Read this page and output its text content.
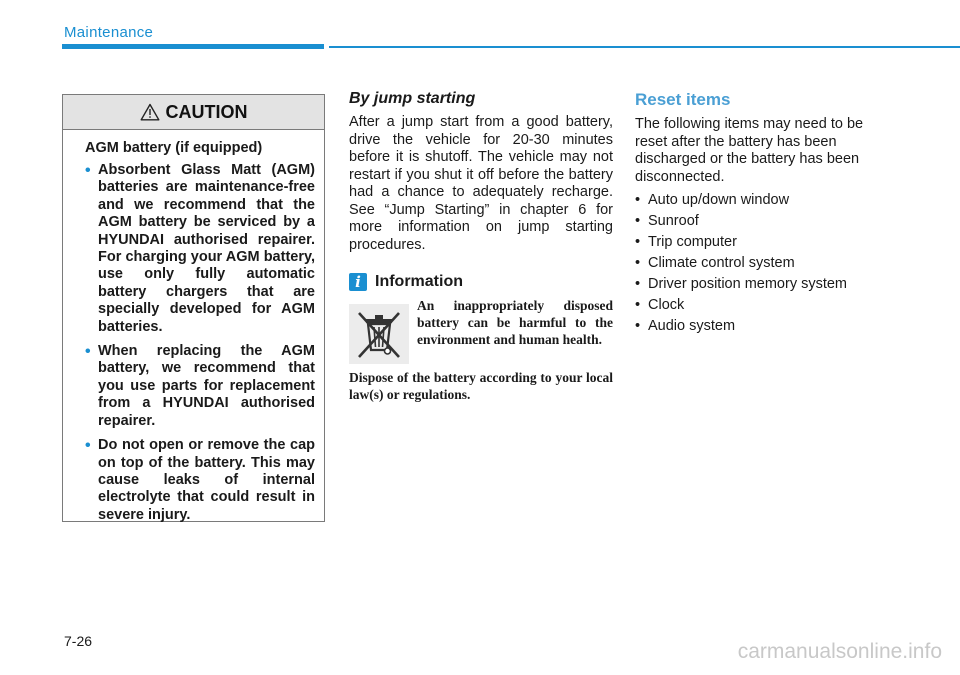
Maintenance
CAUTION
AGM battery (if equipped)
• Absorbent Glass Matt (AGM) batteries are maintenance-free and we recommend that the AGM battery be serviced by a HYUNDAI authorised repairer. For charging your AGM battery, use only fully automatic battery chargers that are specially developed for AGM batteries.
• When replacing the AGM battery, we recommend that you use parts for replacement from a HYUNDAI authorised repairer.
• Do not open or remove the cap on top of the battery. This may cause leaks of internal electrolyte that could result in severe injury.
By jump starting

After a jump start from a good battery, drive the vehicle for 20-30 minutes before it is shutoff. The vehicle may not restart if you shut it off before the battery had a chance to adequately recharge. See “Jump Starting” in chapter 6 for more information on jump starting procedures.

i Information

An inappropriately disposed battery can be harmful to the environment and human health.

Dispose of the battery according to your local law(s) or regulations.

Reset items

The following items may need to be reset after the battery has been discharged or the battery has been disconnected.

• Auto up/down window
• Sunroof
• Trip computer
• Climate control system
• Driver position memory system
• Clock
• Audio system
7-26	carmanualsonline.info
